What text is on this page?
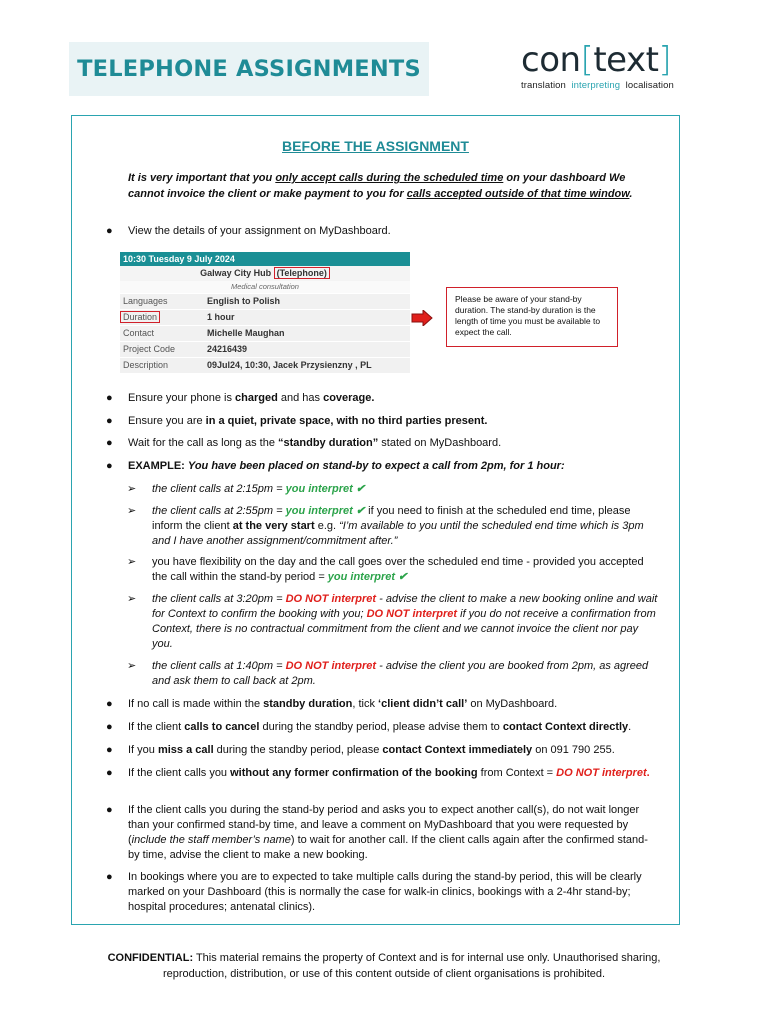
TELEPHONE ASSIGNMENTS	con[text]
translation interpreting localisation
BEFORE THE ASSIGNMENT
It is very important that you only accept calls during the scheduled time on your dashboard We cannot invoice the client or make payment to you for calls accepted outside of that time window.
● View the details of your assignment on MyDashboard.
10:30 Tuesday 9 July 2024
Galway City Hub (Telephone)
Medical consultation
Languages	English to Polish
Duration	1 hour
Contact	Michelle Maughan
Project Code	24216439
Description	09Jul24, 10:30, Jacek Przysienzny , PL
Please be aware of your stand-by duration. The stand-by duration is the length of time you must be available to expect the call.
● Ensure your phone is charged and has coverage.
● Ensure you are in a quiet, private space, with no third parties present.
● Wait for the call as long as the “standby duration” stated on MyDashboard.
● EXAMPLE: You have been placed on stand-by to expect a call from 2pm, for 1 hour:
➢ the client calls at 2:15pm = you interpret ✔
➢ the client calls at 2:55pm = you interpret ✔ if you need to finish at the scheduled end time, please inform the client at the very start e.g. “I’m available to you until the scheduled end time which is 3pm and I have another assignment/commitment after.”
➢ you have flexibility on the day and the call goes over the scheduled end time - provided you accepted the call within the stand-by period = you interpret ✔
➢ the client calls at 3:20pm = DO NOT interpret - advise the client to make a new booking online and wait for Context to confirm the booking with you; DO NOT interpret if you do not receive a confirmation from Context, there is no contractual commitment from the client and we cannot invoice the client nor pay you.
➢ the client calls at 1:40pm = DO NOT interpret - advise the client you are booked from 2pm, as agreed and ask them to call back at 2pm.
● If no call is made within the standby duration, tick ‘client didn’t call’ on MyDashboard.
● If the client calls to cancel during the standby period, please advise them to contact Context directly.
● If you miss a call during the standby period, please contact Context immediately on 091 790 255.
● If the client calls you without any former confirmation of the booking from Context = DO NOT interpret.
● If the client calls you during the stand-by period and asks you to expect another call(s), do not wait longer than your confirmed stand-by time, and leave a comment on MyDashboard that you were requested by (include the staff member’s name) to wait for another call. If the client calls again after the confirmed stand-by time, advise the client to make a new booking.
● In bookings where you are to expected to take multiple calls during the stand-by period, this will be clearly marked on your Dashboard (this is normally the case for walk-in clinics, bookings with a 2-4hr stand-by; hospital procedures; antenatal clinics).
CONFIDENTIAL: This material remains the property of Context and is for internal use only. Unauthorised sharing, reproduction, distribution, or use of this content outside of client organisations is prohibited.
